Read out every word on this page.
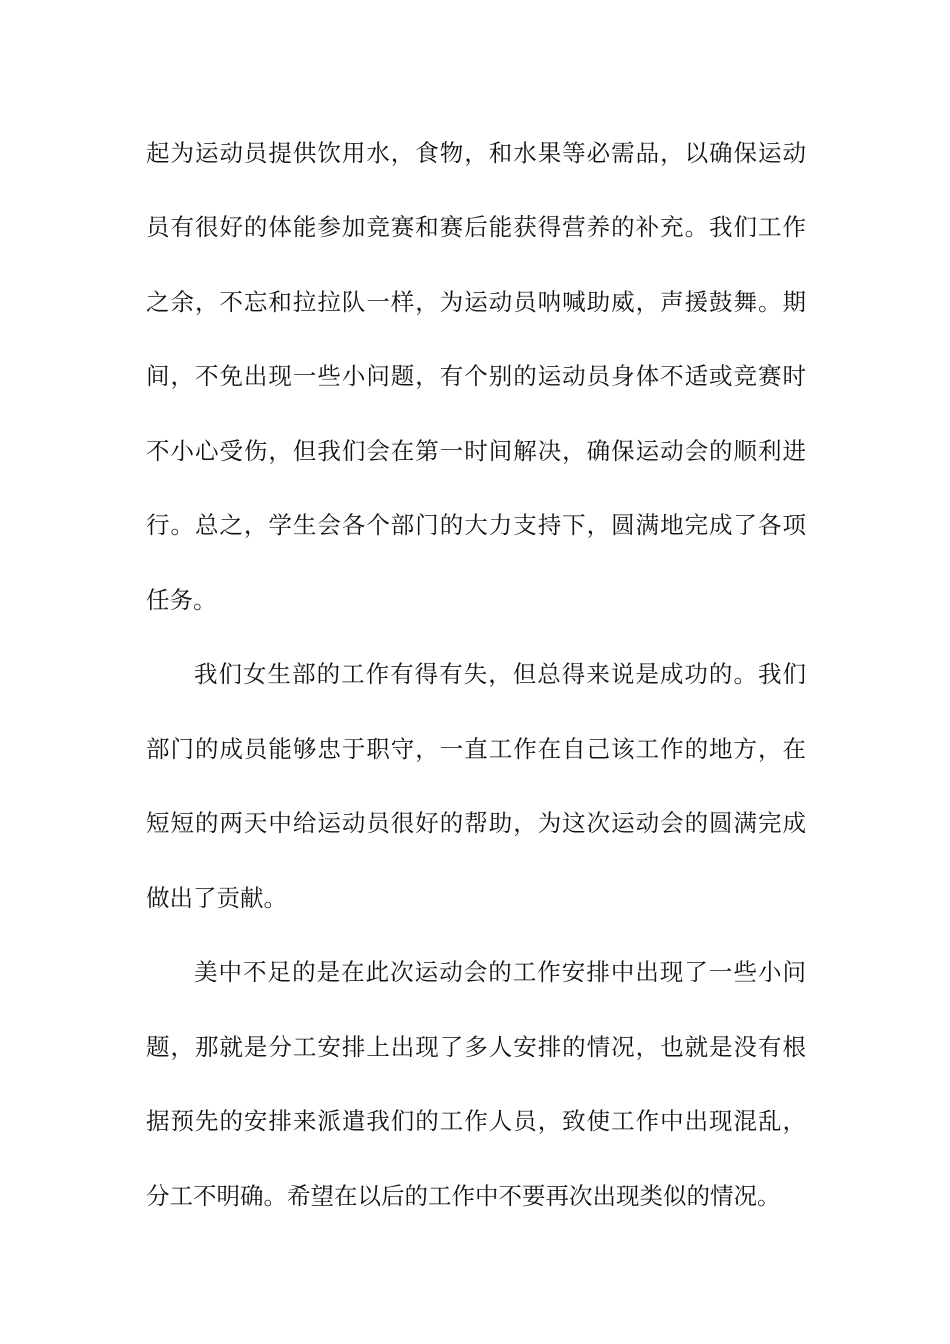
起为运动员提供饮用水，食物，和水果等必需品，以确保运动
员有很好的体能参加竞赛和赛后能获得营养的补充。我们工作
之余，不忘和拉拉队一样，为运动员呐喊助威，声援鼓舞。期
间，不免出现一些小问题，有个别的运动员身体不适或竞赛时
不小心受伤，但我们会在第一时间解决，确保运动会的顺利进
行。总之，学生会各个部门的大力支持下，圆满地完成了各项
任务。
我们女生部的工作有得有失，但总得来说是成功的。我们
部门的成员能够忠于职守，一直工作在自己该工作的地方，在
短短的两天中给运动员很好的帮助，为这次运动会的圆满完成
做出了贡献。
美中不足的是在此次运动会的工作安排中出现了一些小问
题，那就是分工安排上出现了多人安排的情况，也就是没有根
据预先的安排来派遣我们的工作人员，致使工作中出现混乱，
分工不明确。希望在以后的工作中不要再次出现类似的情况。
